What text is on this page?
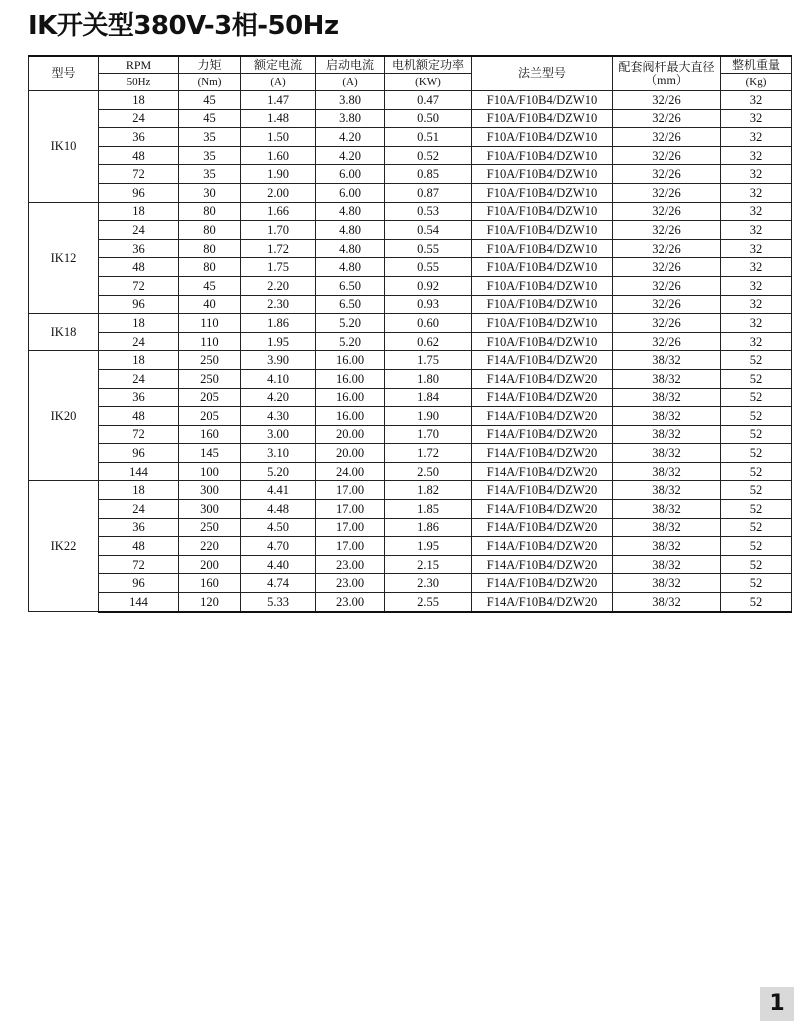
IK开关型380V-3相-50Hz
型号	RPM	力矩	额定电流	启动电流	电机额定功率	法兰型号	配套阀杆最大直径（mm）	整机重量
	50Hz	(Nm)	(A)	(A)	(KW)			(Kg)
IK10	18	45	1.47	3.80	0.47	F10A/F10B4/DZW10	32/26	32
	24	45	1.48	3.80	0.50	F10A/F10B4/DZW10	32/26	32
	36	35	1.50	4.20	0.51	F10A/F10B4/DZW10	32/26	32
	48	35	1.60	4.20	0.52	F10A/F10B4/DZW10	32/26	32
	72	35	1.90	6.00	0.85	F10A/F10B4/DZW10	32/26	32
	96	30	2.00	6.00	0.87	F10A/F10B4/DZW10	32/26	32
IK12	18	80	1.66	4.80	0.53	F10A/F10B4/DZW10	32/26	32
	24	80	1.70	4.80	0.54	F10A/F10B4/DZW10	32/26	32
	36	80	1.72	4.80	0.55	F10A/F10B4/DZW10	32/26	32
	48	80	1.75	4.80	0.55	F10A/F10B4/DZW10	32/26	32
	72	45	2.20	6.50	0.92	F10A/F10B4/DZW10	32/26	32
	96	40	2.30	6.50	0.93	F10A/F10B4/DZW10	32/26	32
IK18	18	110	1.86	5.20	0.60	F10A/F10B4/DZW10	32/26	32
	24	110	1.95	5.20	0.62	F10A/F10B4/DZW10	32/26	32
IK20	18	250	3.90	16.00	1.75	F14A/F10B4/DZW20	38/32	52
	24	250	4.10	16.00	1.80	F14A/F10B4/DZW20	38/32	52
	36	205	4.20	16.00	1.84	F14A/F10B4/DZW20	38/32	52
	48	205	4.30	16.00	1.90	F14A/F10B4/DZW20	38/32	52
	72	160	3.00	20.00	1.70	F14A/F10B4/DZW20	38/32	52
	96	145	3.10	20.00	1.72	F14A/F10B4/DZW20	38/32	52
	144	100	5.20	24.00	2.50	F14A/F10B4/DZW20	38/32	52
IK22	18	300	4.41	17.00	1.82	F14A/F10B4/DZW20	38/32	52
	24	300	4.48	17.00	1.85	F14A/F10B4/DZW20	38/32	52
	36	250	4.50	17.00	1.86	F14A/F10B4/DZW20	38/32	52
	48	220	4.70	17.00	1.95	F14A/F10B4/DZW20	38/32	52
	72	200	4.40	23.00	2.15	F14A/F10B4/DZW20	38/32	52
	96	160	4.74	23.00	2.30	F14A/F10B4/DZW20	38/32	52
	144	120	5.33	23.00	2.55	F14A/F10B4/DZW20	38/32	52
1
